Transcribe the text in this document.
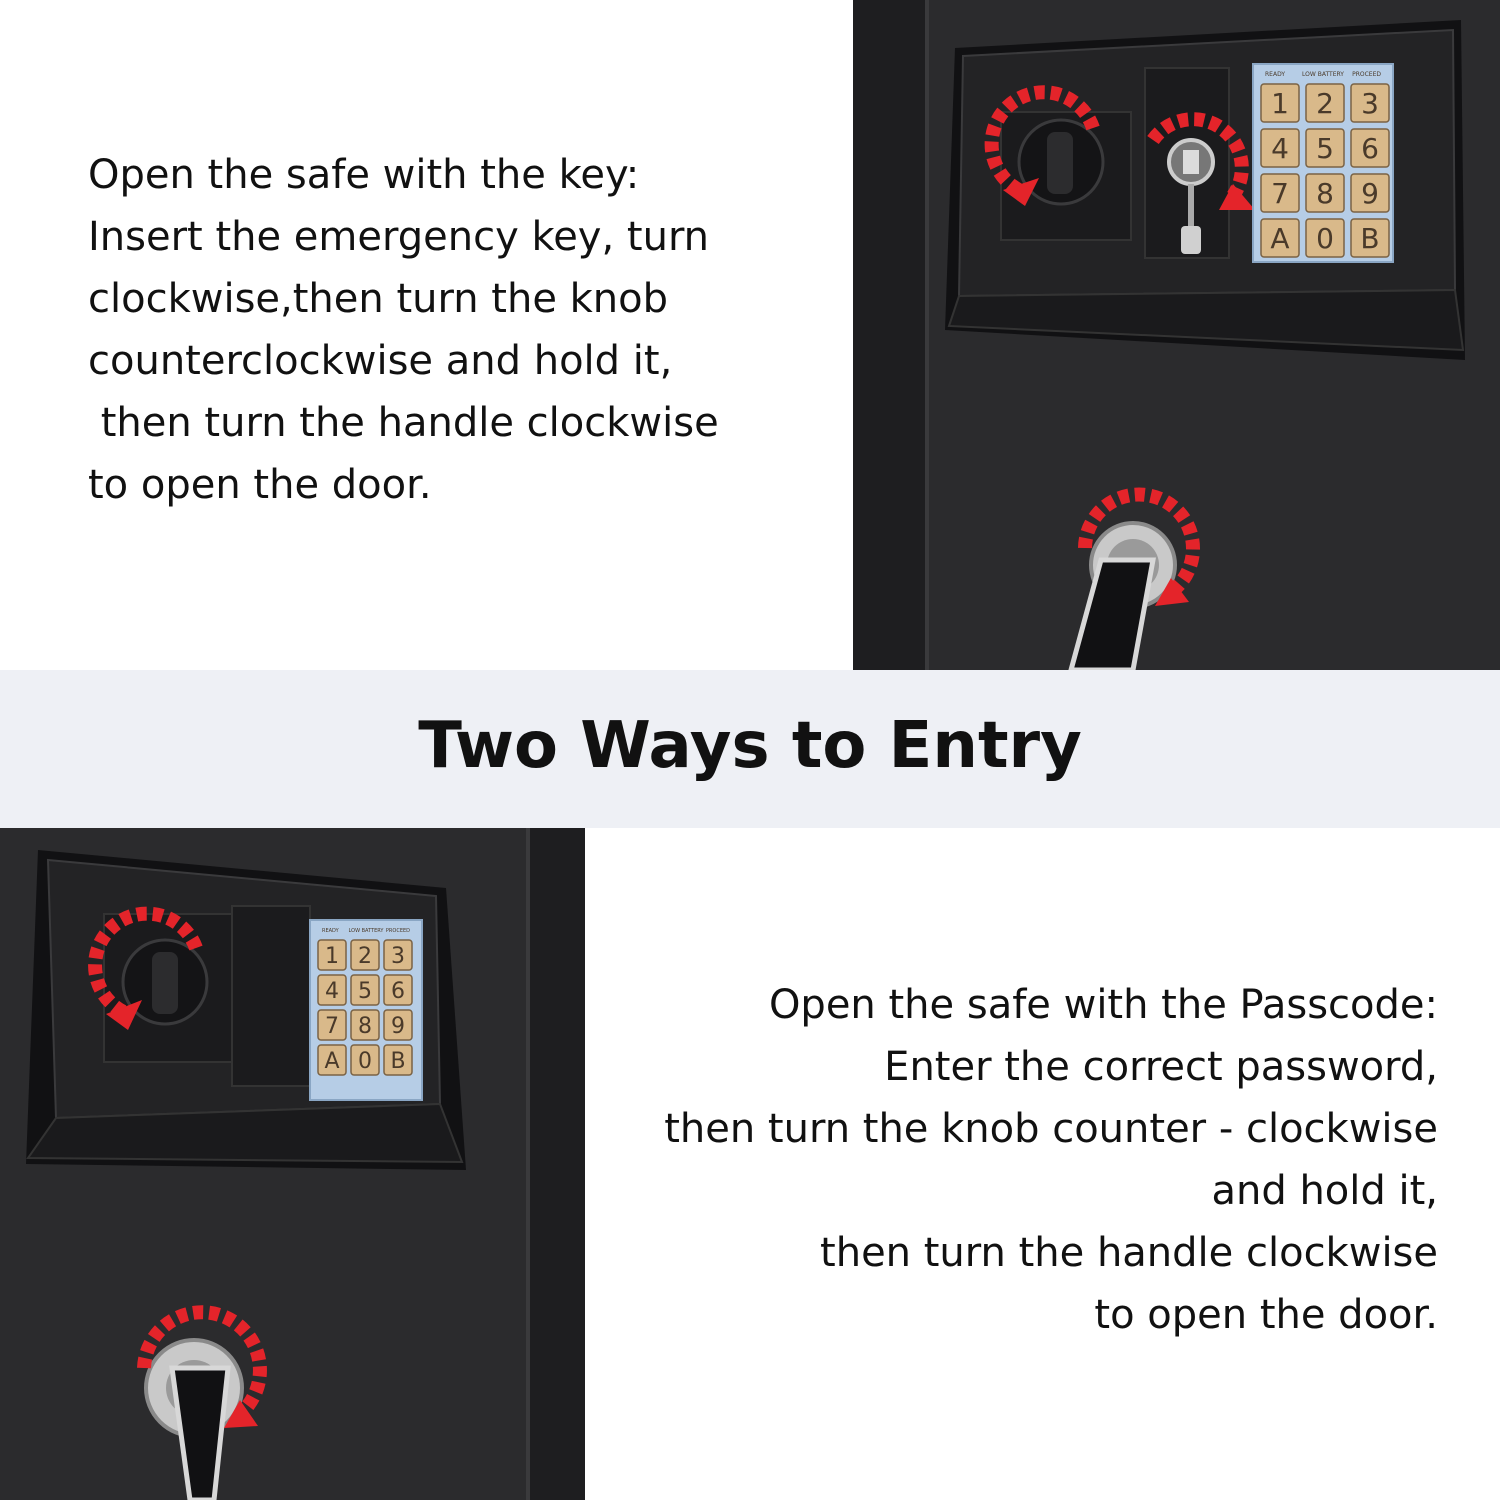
READY	LOW BATTERY PROCEED
1 2 3
4 5 6
7 8 9
A 0 B
Open the safe with the key:
Insert the emergency key, turn
clockwise,then turn the knob
counterclockwise and hold it,
then turn the handle clockwise
to open the door.
Two Ways to Entry
READY LOW BATTERY PROCEED
1 2 3
4 5 6
7 8 9
A 0 B
Open the safe with the Passcode:
Enter the correct password,
then turn the knob counter - clockwise
and hold it,
then turn the handle clockwise
to open the door.
